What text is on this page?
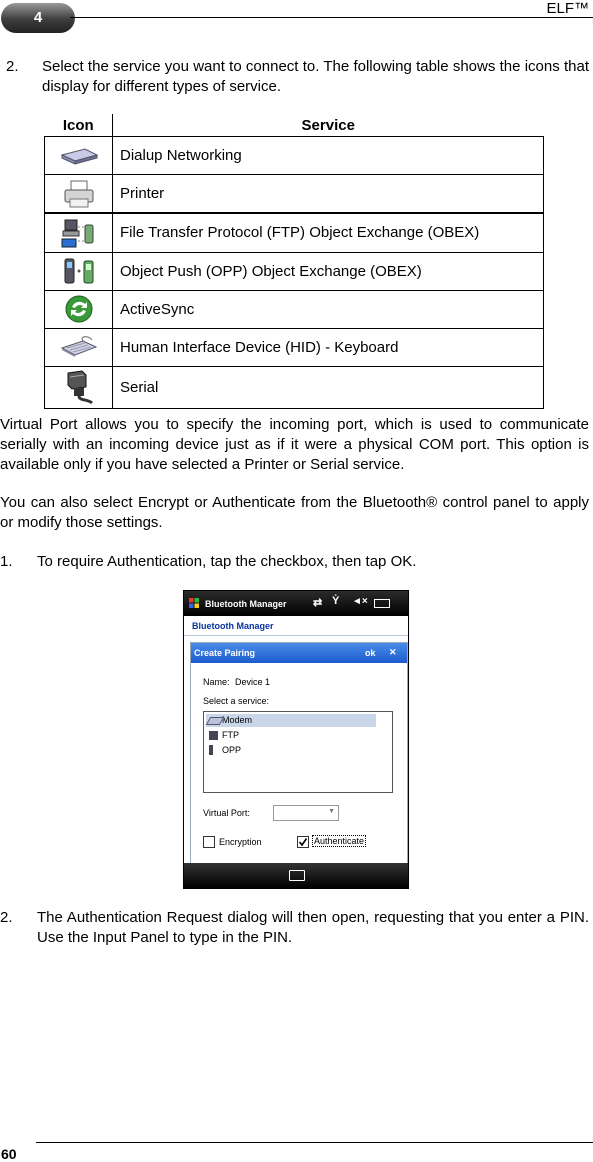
4
ELF™
2. Select the service you want to connect to. The following table shows the icons that display for different types of service.

Icon	Service
	Dialup Networking
	Printer
	File Transfer Protocol (FTP) Object Exchange (OBEX)
	Object Push (OPP) Object Exchange (OBEX)
	ActiveSync
	Human Interface Device (HID) - Keyboard
	Serial

Virtual Port allows you to specify the incoming port, which is used to communicate serially with an incoming device just as if it were a physical COM port. This option is available only if you have selected a Printer or Serial service.

You can also select Encrypt or Authenticate from the Bluetooth® control panel to apply or modify those settings.

1. To require Authentication, tap the checkbox, then tap OK.

Bluetooth Manager ⇄ Ẏ ◄×
Bluetooth Manager
Create Pairing	ok ✕
Name: Device 1
Select a service:
Modem
FTP
OPP
Virtual Port:	▼
Encryption	Authenticate
2. The Authentication Request dialog will then open, requesting that you enter a PIN. Use the Input Panel to type in the PIN.

60
